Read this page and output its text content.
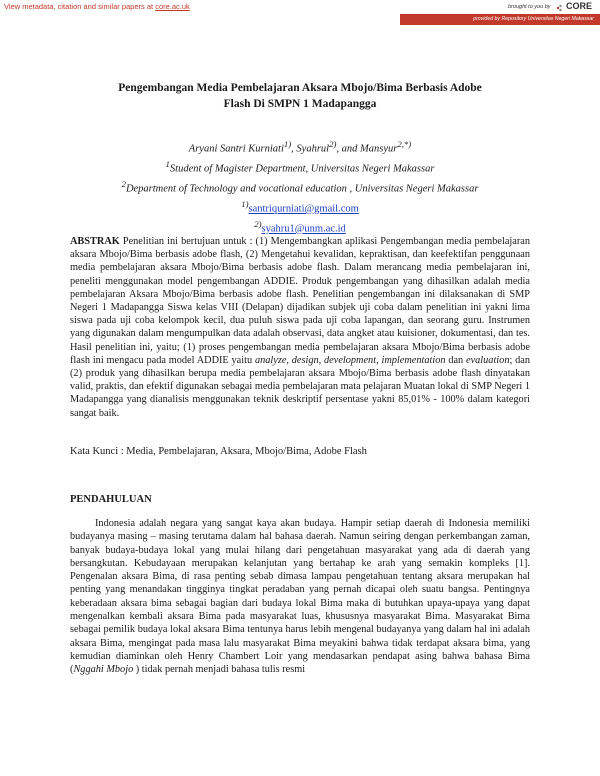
View metadata, citation and similar papers at core.ac.uk	brought to you by CORE
provided by Repository Universitas Negeri Makassar
Pengembangan Media Pembelajaran Aksara Mbojo/Bima Berbasis Adobe
Flash Di SMPN 1 Madapangga
Aryani Santri Kurniati$^{1)}$, Syahrul$^{2)}$, and Mansyur$^{2,*)}$
$^1$Student of Magister Department, Universitas Negeri Makassar
$^2$Department of Technology and vocational education , Universitas Negeri Makassar
$^{1)}$santriqurniati@gmail.com
$^{2)}$syahru1@unm.ac.id
ABSTRAK Penelitian ini bertujuan untuk : (1) Mengembangkan aplikasi Pengembangan media pembelajaran aksara Mbojo/Bima berbasis adobe flash, (2) Mengetahui kevalidan, kepraktisan, dan keefektifan penggunaan media pembelajaran aksara Mbojo/Bima berbasis adobe flash. Dalam merancang media pembelajaran ini, peneliti menggunakan model pengembangan ADDIE. Produk pengembangan yang dihasilkan adalah media pembelajaran Aksara Mbojo/Bima berbasis adobe flash. Penelitian pengembangan ini dilaksanakan di SMP Negeri 1 Madapangga Siswa kelas VIII (Delapan) dijadikan subjek uji coba dalam penelitian ini yakni lima siswa pada uji coba kelompok kecil, dua puluh siswa pada uji coba lapangan, dan seorang guru. Instrumen yang digunakan dalam mengumpulkan data adalah observasi, data angket atau kuisioner, dokumentasi, dan tes. Hasil penelitian ini, yaitu; (1) proses pengembangan media pembelajaran aksara Mbojo/Bima berbasis adobe flash ini mengacu pada model ADDIE yaitu analyze, design, development, implementation dan evaluation; dan (2) produk yang dihasilkan berupa media pembelajaran aksara Mbojo/Bima berbasis adobe flash dinyatakan valid, praktis, dan efektif digunakan sebagai media pembelajaran mata pelajaran Muatan lokal di SMP Negeri 1 Madapangga yang dianalisis menggunakan teknik deskriptif persentase yakni 85,01% - 100% dalam kategori sangat baik.
Kata Kunci : Media, Pembelajaran, Aksara, Mbojo/Bima, Adobe Flash
PENDAHULUAN
Indonesia adalah negara yang sangat kaya akan budaya. Hampir setiap daerah di Indonesia memiliki budayanya masing – masing terutama dalam hal bahasa daerah. Namun seiring dengan perkembangan zaman, banyak budaya-budaya lokal yang mulai hilang dari pengetahuan masyarakat yang ada di daerah yang bersangkutan. Kebudayaan merupakan kelanjutan yang bertahap ke arah yang semakin kompleks [1]. Pengenalan aksara Bima, di rasa penting sebab dimasa lampau pengetahuan tentang aksara merupakan hal penting yang menandakan tingginya tingkat peradaban yang pernah dicapai oleh suatu bangsa. Pentingnya keberadaan aksara bima sebagai bagian dari budaya lokal Bima maka di butuhkan upaya-upaya yang dapat mengenalkan kembali aksara Bima pada masyarakat luas, khususnya masyarakat Bima. Masyarakat Bima sebagai pemilik budaya lokal aksara Bima tentunya harus lebih mengenal budayanya yang dalam hal ini adalah aksara Bima, mengingat pada masa lalu masyarakat Bima meyakini bahwa tidak terdapat aksara bima, yang kemudian diaminkan oleh Henry Chambert Loir yang mendasarkan pendapat asing bahwa bahasa Bima (Nggahi Mbojo ) tidak pernah menjadi bahasa tulis resmi
